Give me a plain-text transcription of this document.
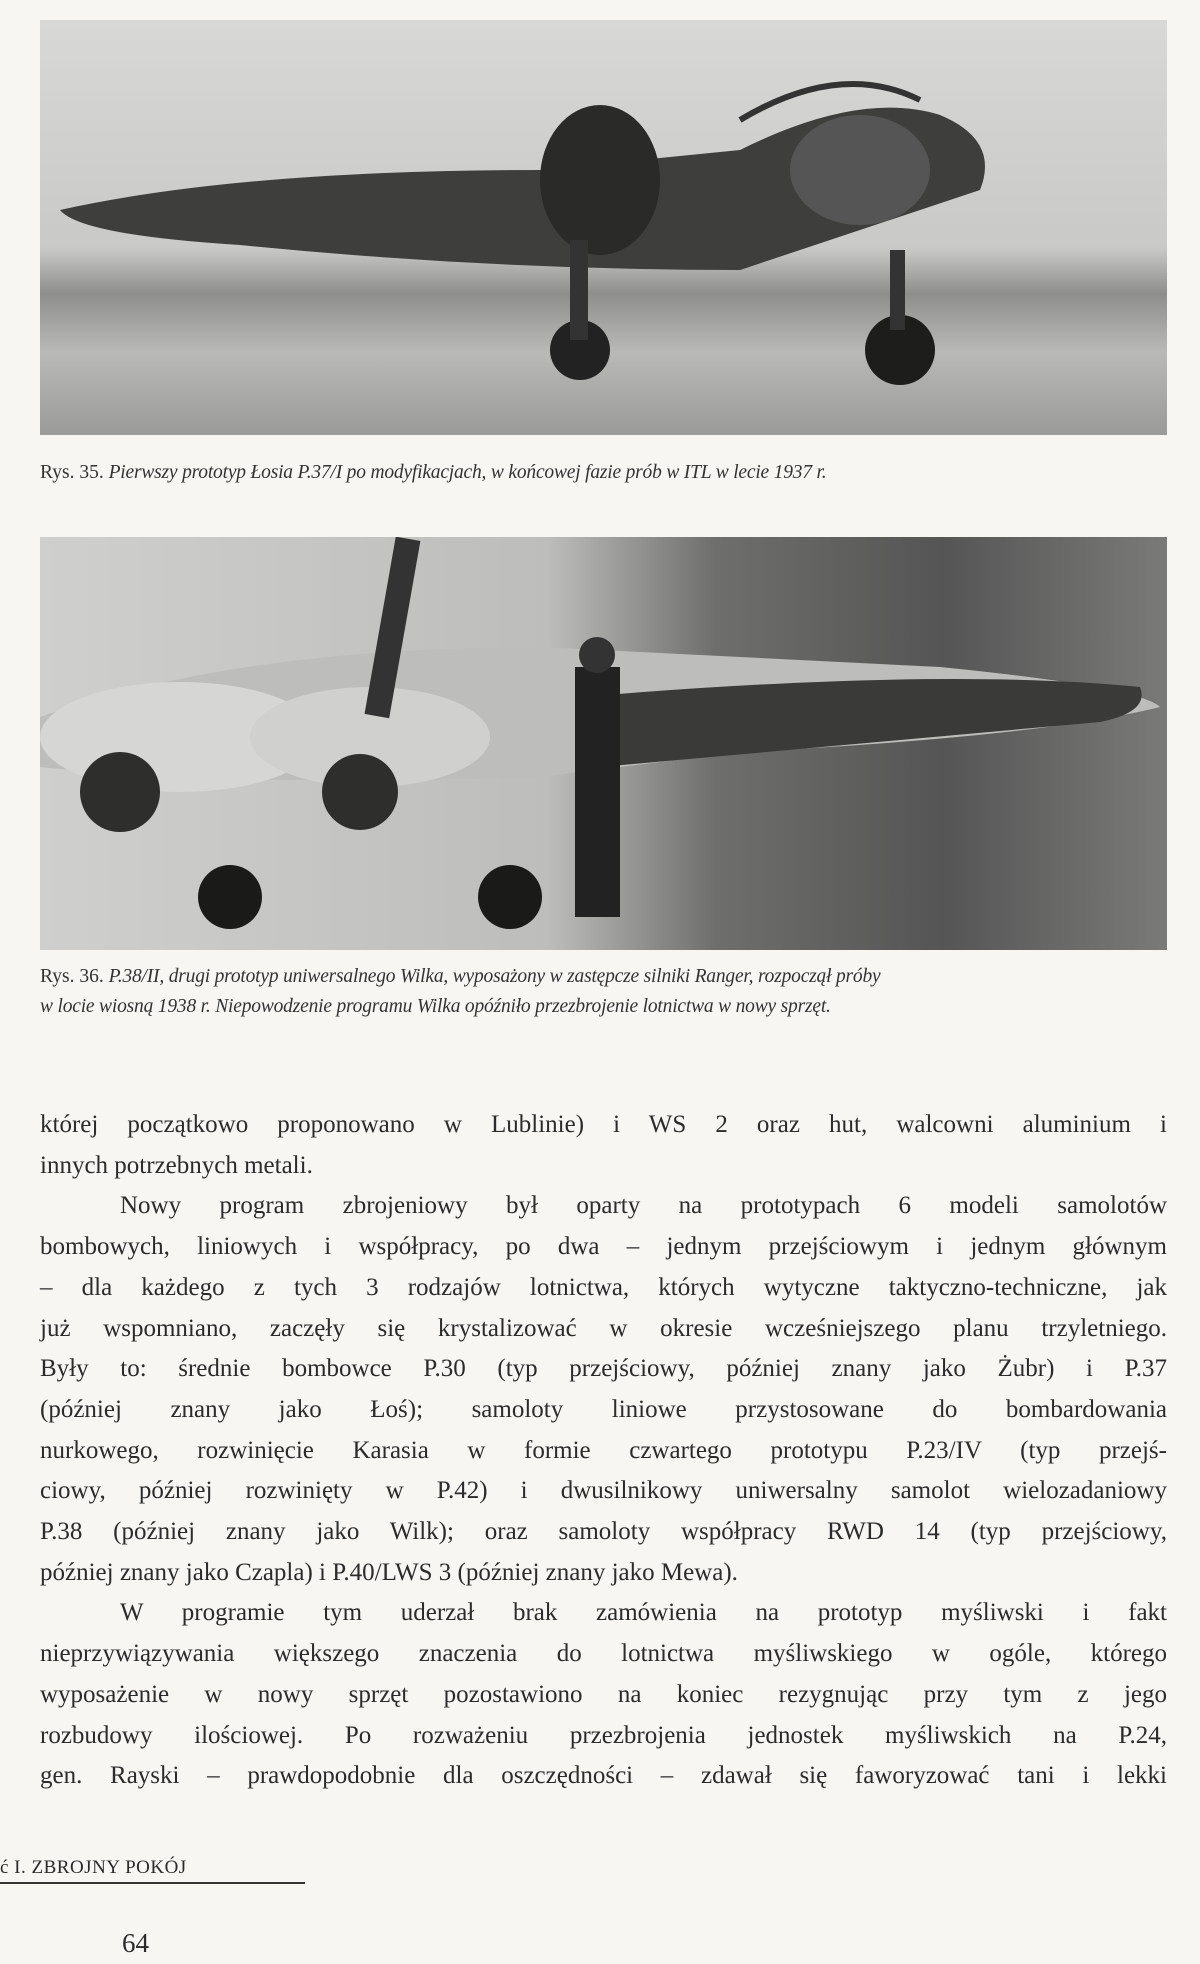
Rys. 35. Pierwszy prototyp Łosia P.37/I po modyfikacjach, w końcowej fazie prób w ITL w lecie 1937 r.
Rys. 36. P.38/II, drugi prototyp uniwersalnego Wilka, wyposażony w zastępcze silniki Ranger, rozpoczął próby
w locie wiosną 1938 r. Niepowodzenie programu Wilka opóźniło przezbrojenie lotnictwa w nowy sprzęt.
której początkowo proponowano w Lublinie) i WS 2 oraz hut, walcowni aluminium i
innych potrzebnych metali.
Nowy program zbrojeniowy był oparty na prototypach 6 modeli samolotów
bombowych, liniowych i współpracy, po dwa – jednym przejściowym i jednym głównym
– dla każdego z tych 3 rodzajów lotnictwa, których wytyczne taktyczno-techniczne, jak
już wspomniano, zaczęły się krystalizować w okresie wcześniejszego planu trzyletniego.
Były to: średnie bombowce P.30 (typ przejściowy, później znany jako Żubr) i P.37
(później znany jako Łoś); samoloty liniowe przystosowane do bombardowania
nurkowego, rozwinięcie Karasia w formie czwartego prototypu P.23/IV (typ przejś-
ciowy, później rozwinięty w P.42) i dwusilnikowy uniwersalny samolot wielozadaniowy
P.38 (później znany jako Wilk); oraz samoloty współpracy RWD 14 (typ przejściowy,
później znany jako Czapla) i P.40/LWS 3 (później znany jako Mewa).
W programie tym uderzał brak zamówienia na prototyp myśliwski i fakt
nieprzywiązywania większego znaczenia do lotnictwa myśliwskiego w ogóle, którego
wyposażenie w nowy sprzęt pozostawiono na koniec rezygnując przy tym z jego
rozbudowy ilościowej. Po rozważeniu przezbrojenia jednostek myśliwskich na P.24,
gen. Rayski – prawdopodobnie dla oszczędności – zdawał się faworyzować tani i lekki
ć I. ZBROJNY POKÓJ
64
